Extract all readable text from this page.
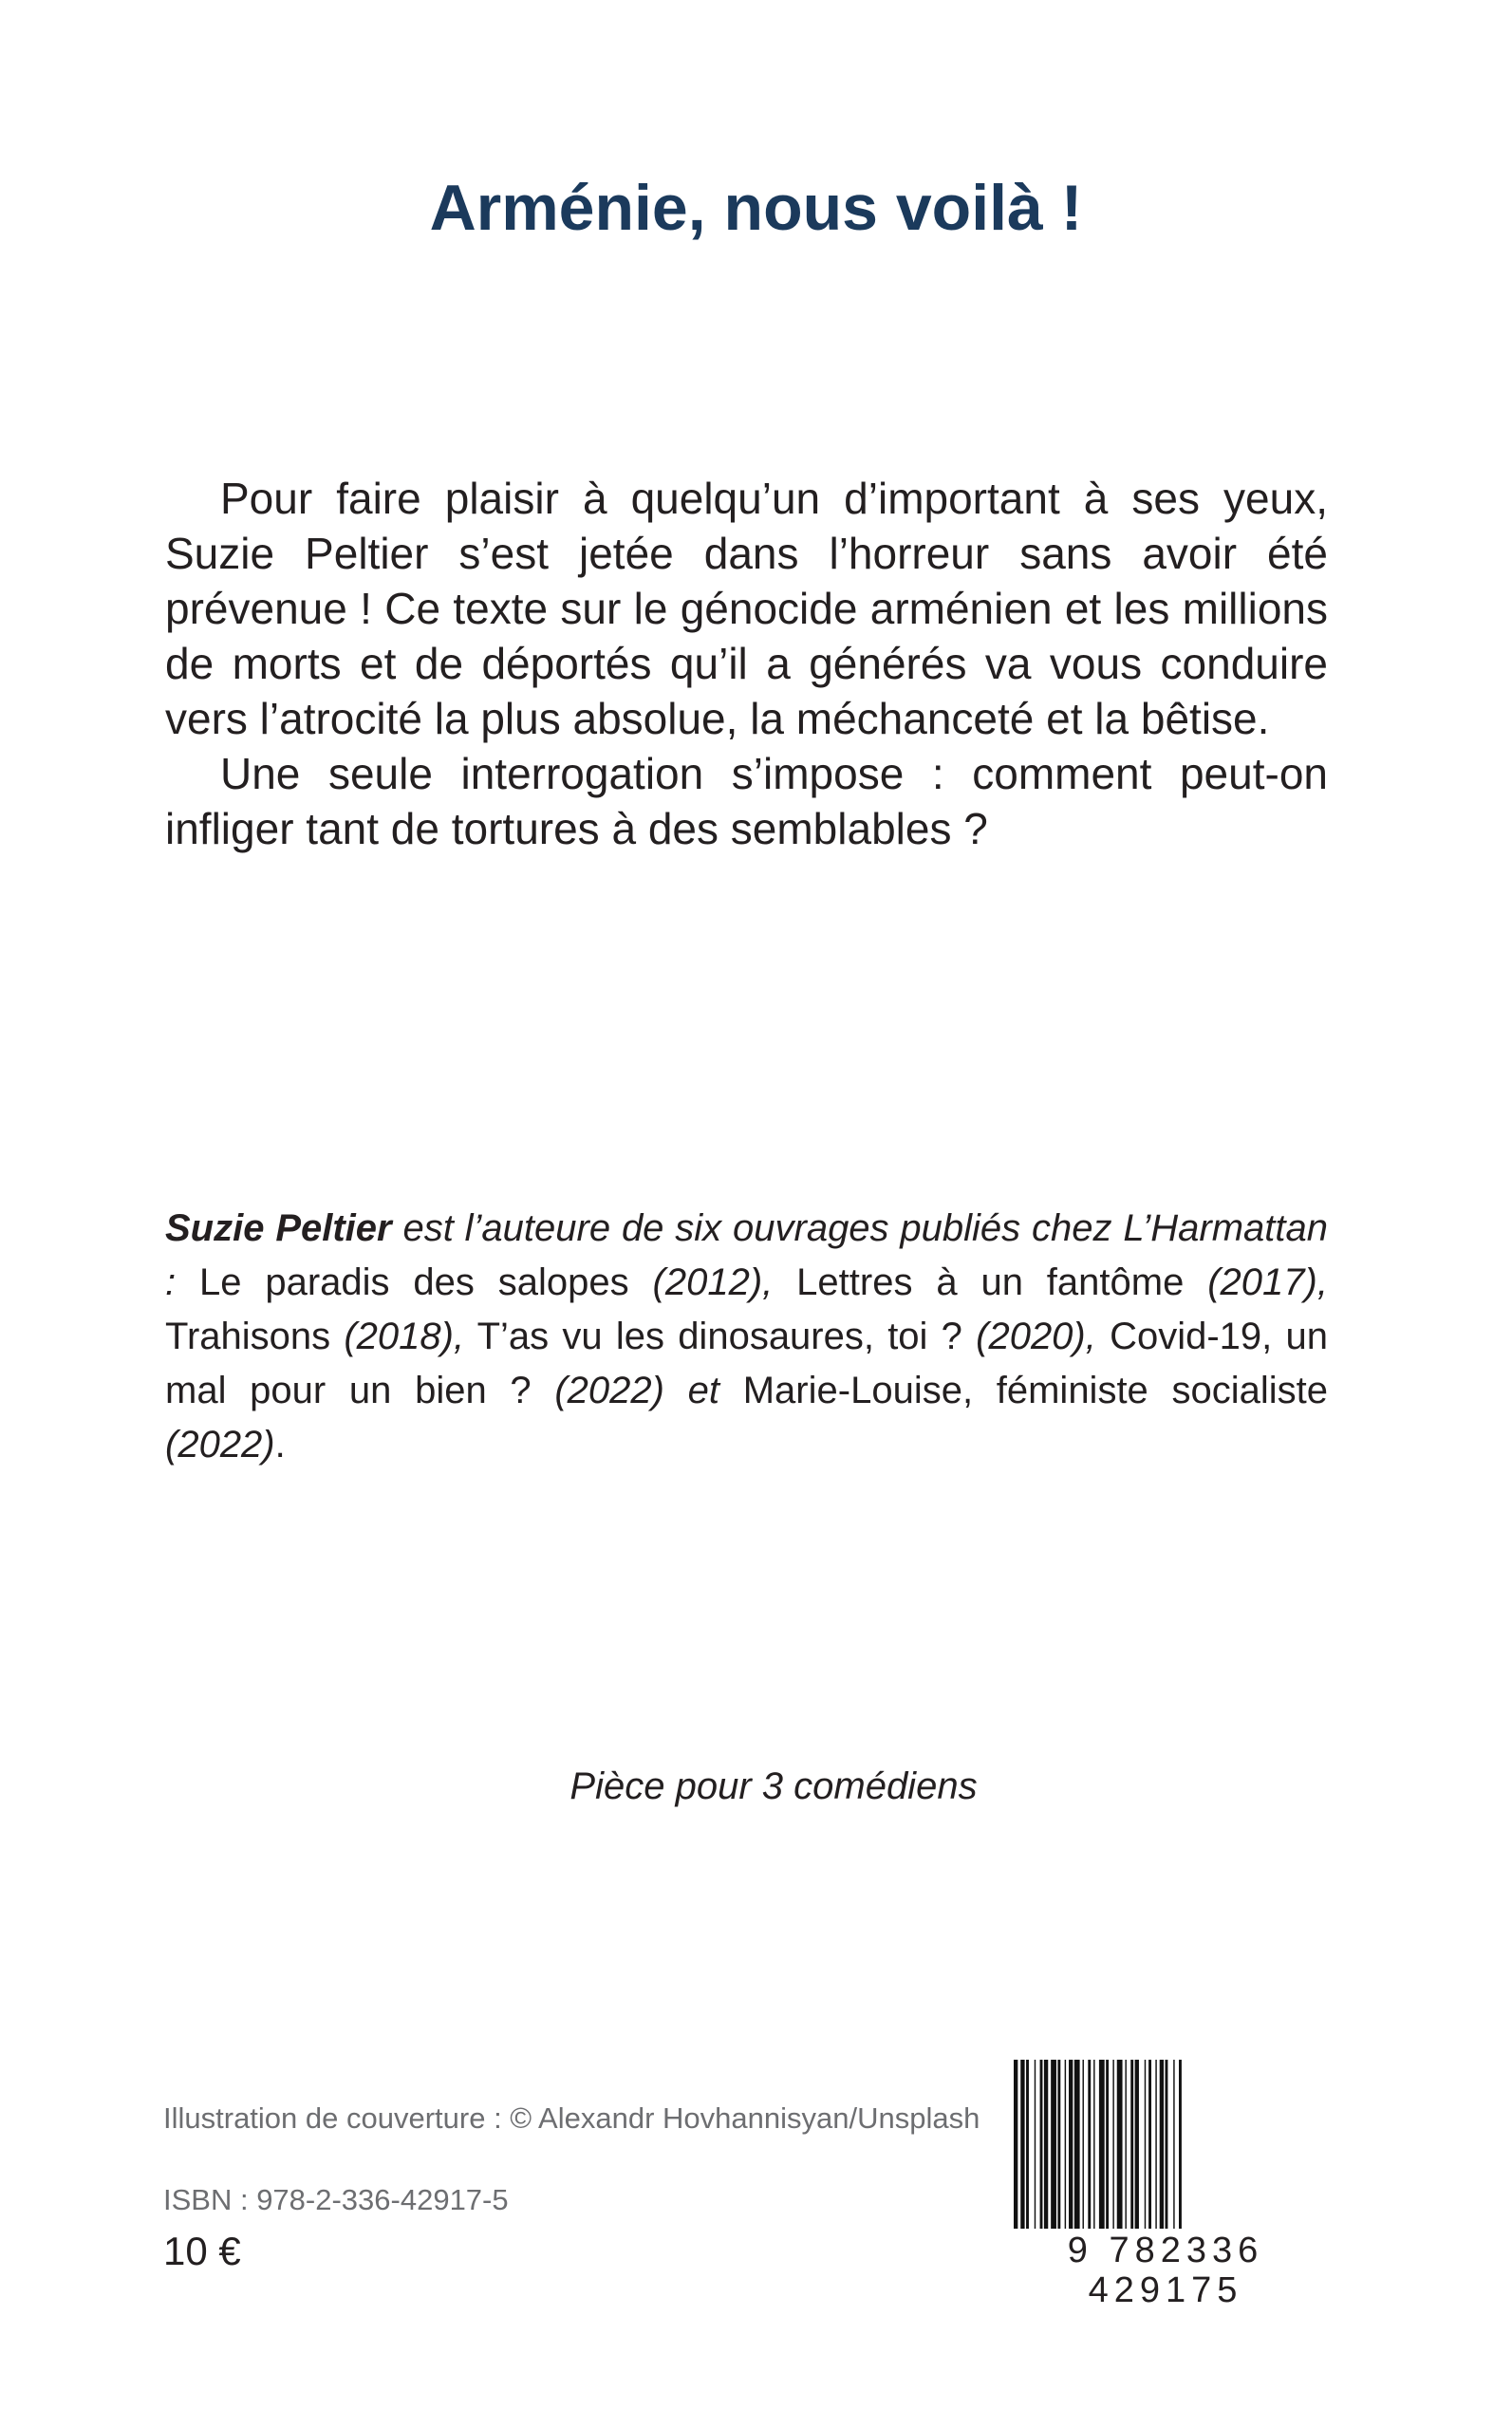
Arménie, nous voilà !

Pour faire plaisir à quelqu’un d’important à ses yeux, Suzie Peltier s’est jetée dans l’horreur sans avoir été prévenue ! Ce texte sur le génocide arménien et les millions de morts et de déportés qu’il a générés va vous conduire vers l’atrocité la plus absolue, la méchanceté et la bêtise.

Une seule interrogation s’impose : comment peut-on infliger tant de tortures à des semblables ?

Suzie Peltier est l’auteure de six ouvrages publiés chez L’Harmattan : Le paradis des salopes (2012), Lettres à un fantôme (2017), Trahisons (2018), T’as vu les dinosaures, toi ? (2020), Covid-19, un mal pour un bien ? (2022) et Marie-Louise, féministe socialiste (2022).
Pièce pour 3 comédiens
Illustration de couverture : © Alexandr Hovhannisyan/Unsplash
ISBN : 978-2-336-42917-5
10 €	9 782336 429175
